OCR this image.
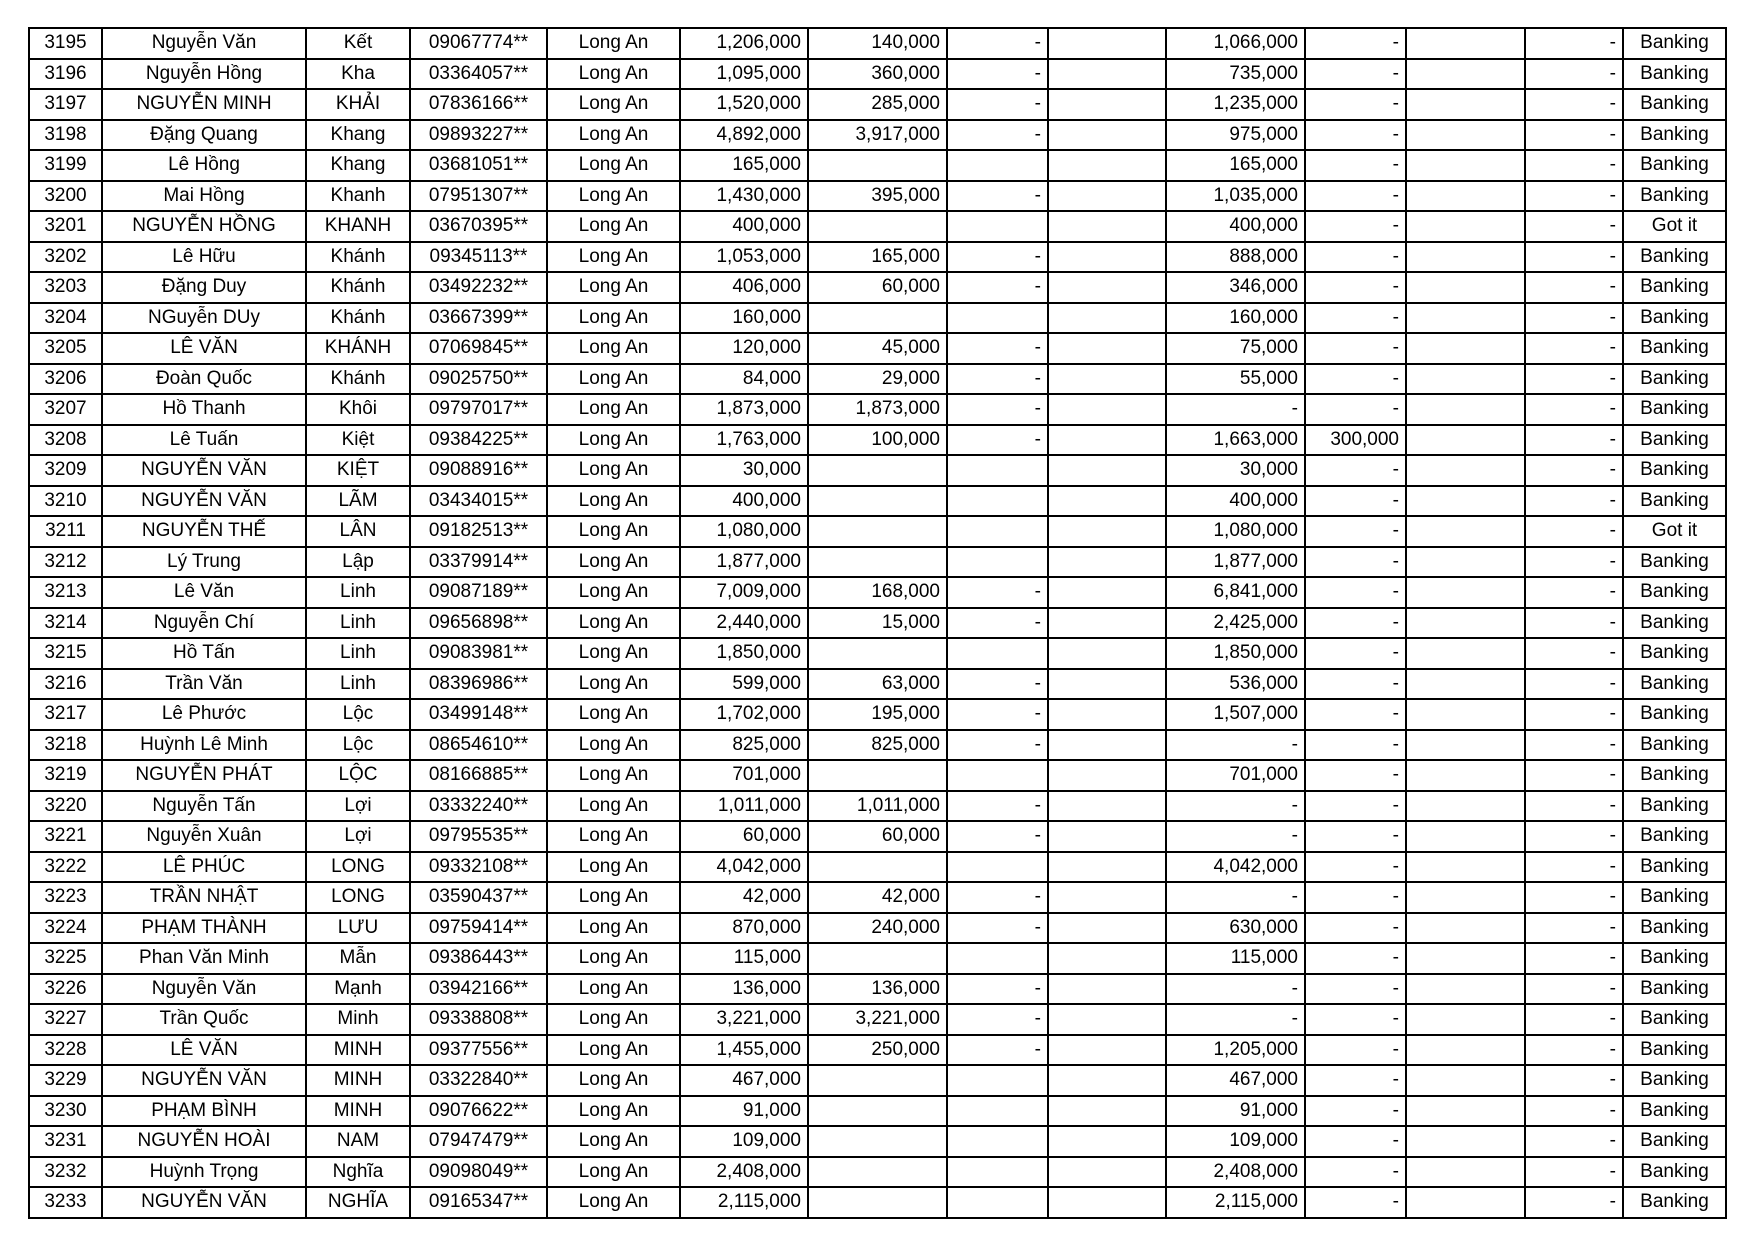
3195	Nguyễn Văn	Kết	09067774**	Long An	1,206,000	140,000	-		1,066,000	-		-	Banking
3196	Nguyễn Hồng	Kha	03364057**	Long An	1,095,000	360,000	-		735,000	-		-	Banking
3197	NGUYỄN MINH	KHẢI	07836166**	Long An	1,520,000	285,000	-		1,235,000	-		-	Banking
3198	Đặng Quang	Khang	09893227**	Long An	4,892,000	3,917,000	-		975,000	-		-	Banking
3199	Lê Hồng	Khang	03681051**	Long An	165,000				165,000	-		-	Banking
3200	Mai Hồng	Khanh	07951307**	Long An	1,430,000	395,000	-		1,035,000	-		-	Banking
3201	NGUYỄN HỒNG	KHANH	03670395**	Long An	400,000				400,000	-		-	Got it
3202	Lê Hữu	Khánh	09345113**	Long An	1,053,000	165,000	-		888,000	-		-	Banking
3203	Đặng Duy	Khánh	03492232**	Long An	406,000	60,000	-		346,000	-		-	Banking
3204	NGuyễn DUy	Khánh	03667399**	Long An	160,000				160,000	-		-	Banking
3205	LÊ VĂN	KHÁNH	07069845**	Long An	120,000	45,000	-		75,000	-		-	Banking
3206	Đoàn Quốc	Khánh	09025750**	Long An	84,000	29,000	-		55,000	-		-	Banking
3207	Hồ Thanh	Khôi	09797017**	Long An	1,873,000	1,873,000	-		-	-		-	Banking
3208	Lê Tuấn	Kiệt	09384225**	Long An	1,763,000	100,000	-		1,663,000	300,000		-	Banking
3209	NGUYỄN VĂN	KIỆT	09088916**	Long An	30,000				30,000	-		-	Banking
3210	NGUYỄN VĂN	LÃM	03434015**	Long An	400,000				400,000	-		-	Banking
3211	NGUYỄN THẾ	LÂN	09182513**	Long An	1,080,000				1,080,000	-		-	Got it
3212	Lý Trung	Lập	03379914**	Long An	1,877,000				1,877,000	-		-	Banking
3213	Lê Văn	Linh	09087189**	Long An	7,009,000	168,000	-		6,841,000	-		-	Banking
3214	Nguyễn Chí	Linh	09656898**	Long An	2,440,000	15,000	-		2,425,000	-		-	Banking
3215	Hồ Tấn	Linh	09083981**	Long An	1,850,000				1,850,000	-		-	Banking
3216	Trần Văn	Linh	08396986**	Long An	599,000	63,000	-		536,000	-		-	Banking
3217	Lê Phước	Lộc	03499148**	Long An	1,702,000	195,000	-		1,507,000	-		-	Banking
3218	Huỳnh Lê Minh	Lộc	08654610**	Long An	825,000	825,000	-		-	-		-	Banking
3219	NGUYỄN PHÁT	LỘC	08166885**	Long An	701,000				701,000	-		-	Banking
3220	Nguyễn Tấn	Lợi	03332240**	Long An	1,011,000	1,011,000	-		-	-		-	Banking
3221	Nguyễn Xuân	Lợi	09795535**	Long An	60,000	60,000	-		-	-		-	Banking
3222	LÊ PHÚC	LONG	09332108**	Long An	4,042,000				4,042,000	-		-	Banking
3223	TRẦN NHẬT	LONG	03590437**	Long An	42,000	42,000	-		-	-		-	Banking
3224	PHẠM THÀNH	LƯU	09759414**	Long An	870,000	240,000	-		630,000	-		-	Banking
3225	Phan Văn Minh	Mẫn	09386443**	Long An	115,000				115,000	-		-	Banking
3226	Nguyễn Văn	Mạnh	03942166**	Long An	136,000	136,000	-		-	-		-	Banking
3227	Trần Quốc	Minh	09338808**	Long An	3,221,000	3,221,000	-		-	-		-	Banking
3228	LÊ VĂN	MINH	09377556**	Long An	1,455,000	250,000	-		1,205,000	-		-	Banking
3229	NGUYỄN VĂN	MINH	03322840**	Long An	467,000				467,000	-		-	Banking
3230	PHẠM BÌNH	MINH	09076622**	Long An	91,000				91,000	-		-	Banking
3231	NGUYỄN HOÀI	NAM	07947479**	Long An	109,000				109,000	-		-	Banking
3232	Huỳnh Trọng	Nghĩa	09098049**	Long An	2,408,000				2,408,000	-		-	Banking
3233	NGUYỄN VĂN	NGHĨA	09165347**	Long An	2,115,000				2,115,000	-		-	Banking
